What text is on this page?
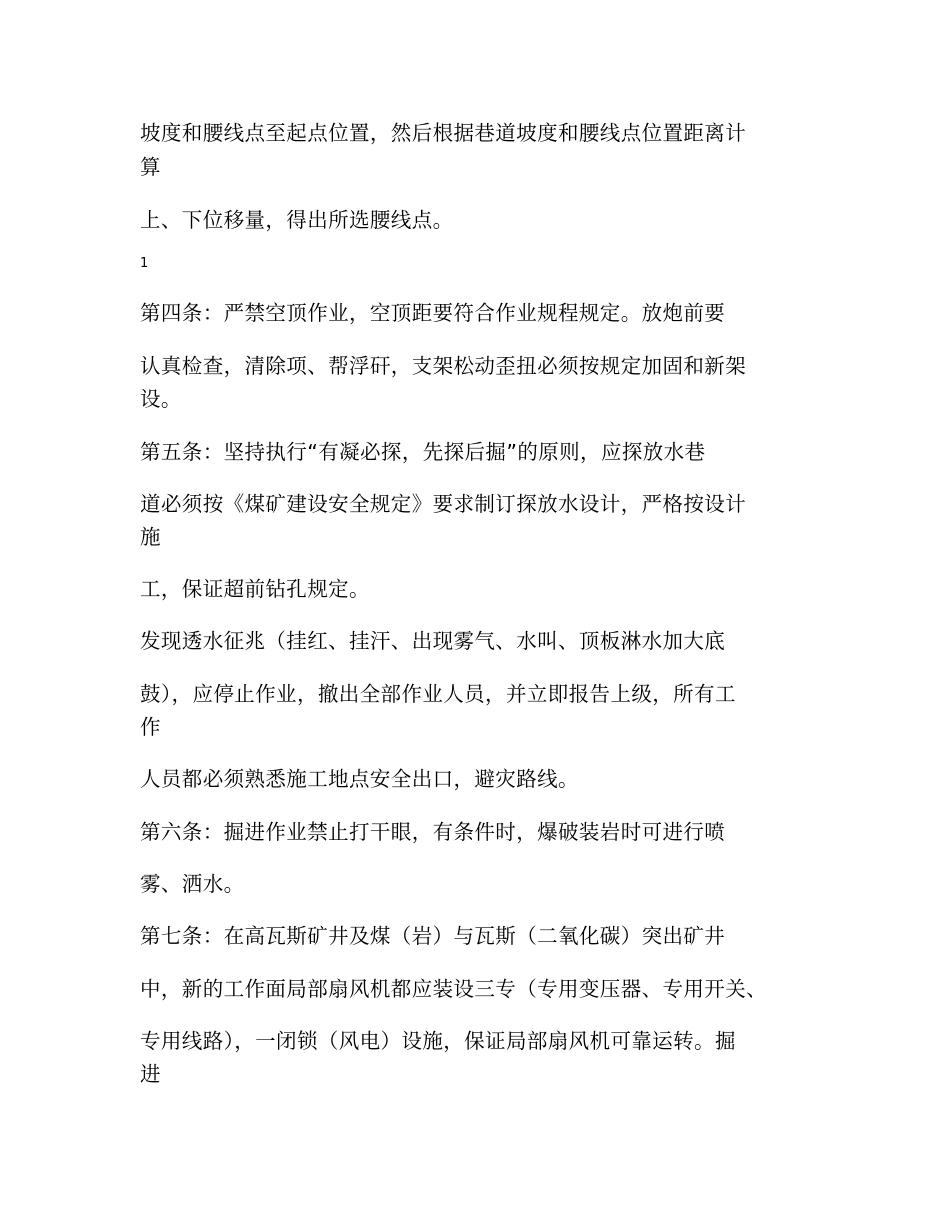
坡度和腰线点至起点位置，然后根据巷道坡度和腰线点位置距离计
算
上、下位移量，得出所选腰线点。
1
第四条：严禁空顶作业，空顶距要符合作业规程规定。放炮前要
认真检查，清除项、帮浮矸，支架松动歪扭必须按规定加固和新架
设。
第五条：坚持执行“有凝必探，先探后掘”的原则，应探放水巷
道必须按《煤矿建设安全规定》要求制订探放水设计，严格按设计
施
工，保证超前钻孔规定。
发现透水征兆（挂红、挂汗、出现雾气、水叫、顶板淋水加大底
鼓），应停止作业，撤出全部作业人员，并立即报告上级，所有工
作
人员都必须熟悉施工地点安全出口，避灾路线。
第六条：掘进作业禁止打干眼，有条件时，爆破装岩时可进行喷
雾、洒水。
第七条：在高瓦斯矿井及煤（岩）与瓦斯（二氧化碳）突出矿井
中，新的工作面局部扇风机都应装设三专（专用变压器、专用开关、
专用线路），一闭锁（风电）设施，保证局部扇风机可靠运转。掘
进
